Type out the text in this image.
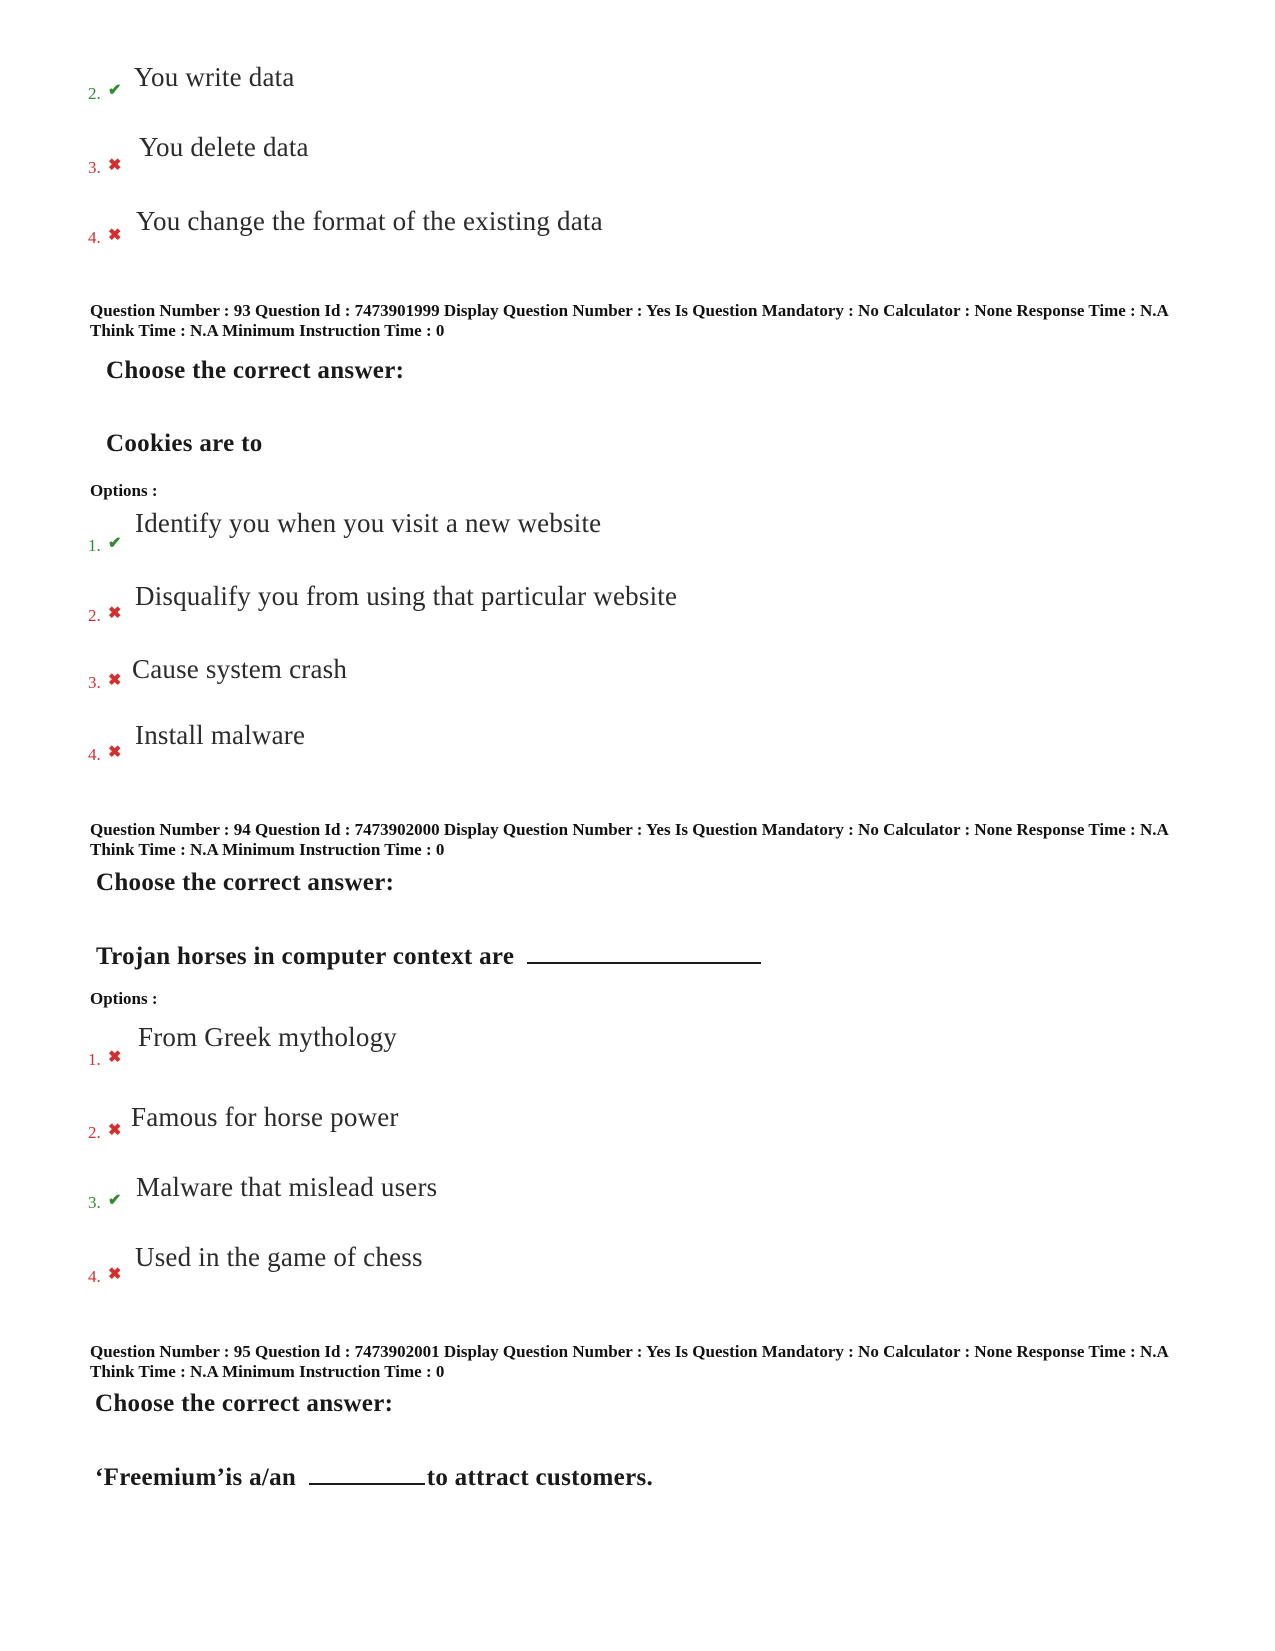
2. ✔ You write data
3. ✖
You delete data
4. ✖ You change the format of the existing data
Question Number : 93 Question Id : 7473901999 Display Question Number : Yes Is Question Mandatory : No Calculator : None Response Time : N.A Think Time : N.A Minimum Instruction Time : 0
Choose the correct answer:
Cookies are to
Options :
1. ✔
Identify you when you visit a new website
2. ✖
Disqualify you from using that particular website
3. ✖ Cause system crash
4. ✖
Install malware
Question Number : 94 Question Id : 7473902000 Display Question Number : Yes Is Question Mandatory : No Calculator : None Response Time : N.A Think Time : N.A Minimum Instruction Time : 0
Choose the correct answer:
Trojan horses in computer context are
Options :
1. ✖
From Greek mythology
2. ✖ Famous for horse power
3. ✔ Malware that mislead users
4. ✖
Used in the game of chess
Question Number : 95 Question Id : 7473902001 Display Question Number : Yes Is Question Mandatory : No Calculator : None Response Time : N.A Think Time : N.A Minimum Instruction Time : 0
Choose the correct answer:
‘Freemium’is a/an	to attract customers.
